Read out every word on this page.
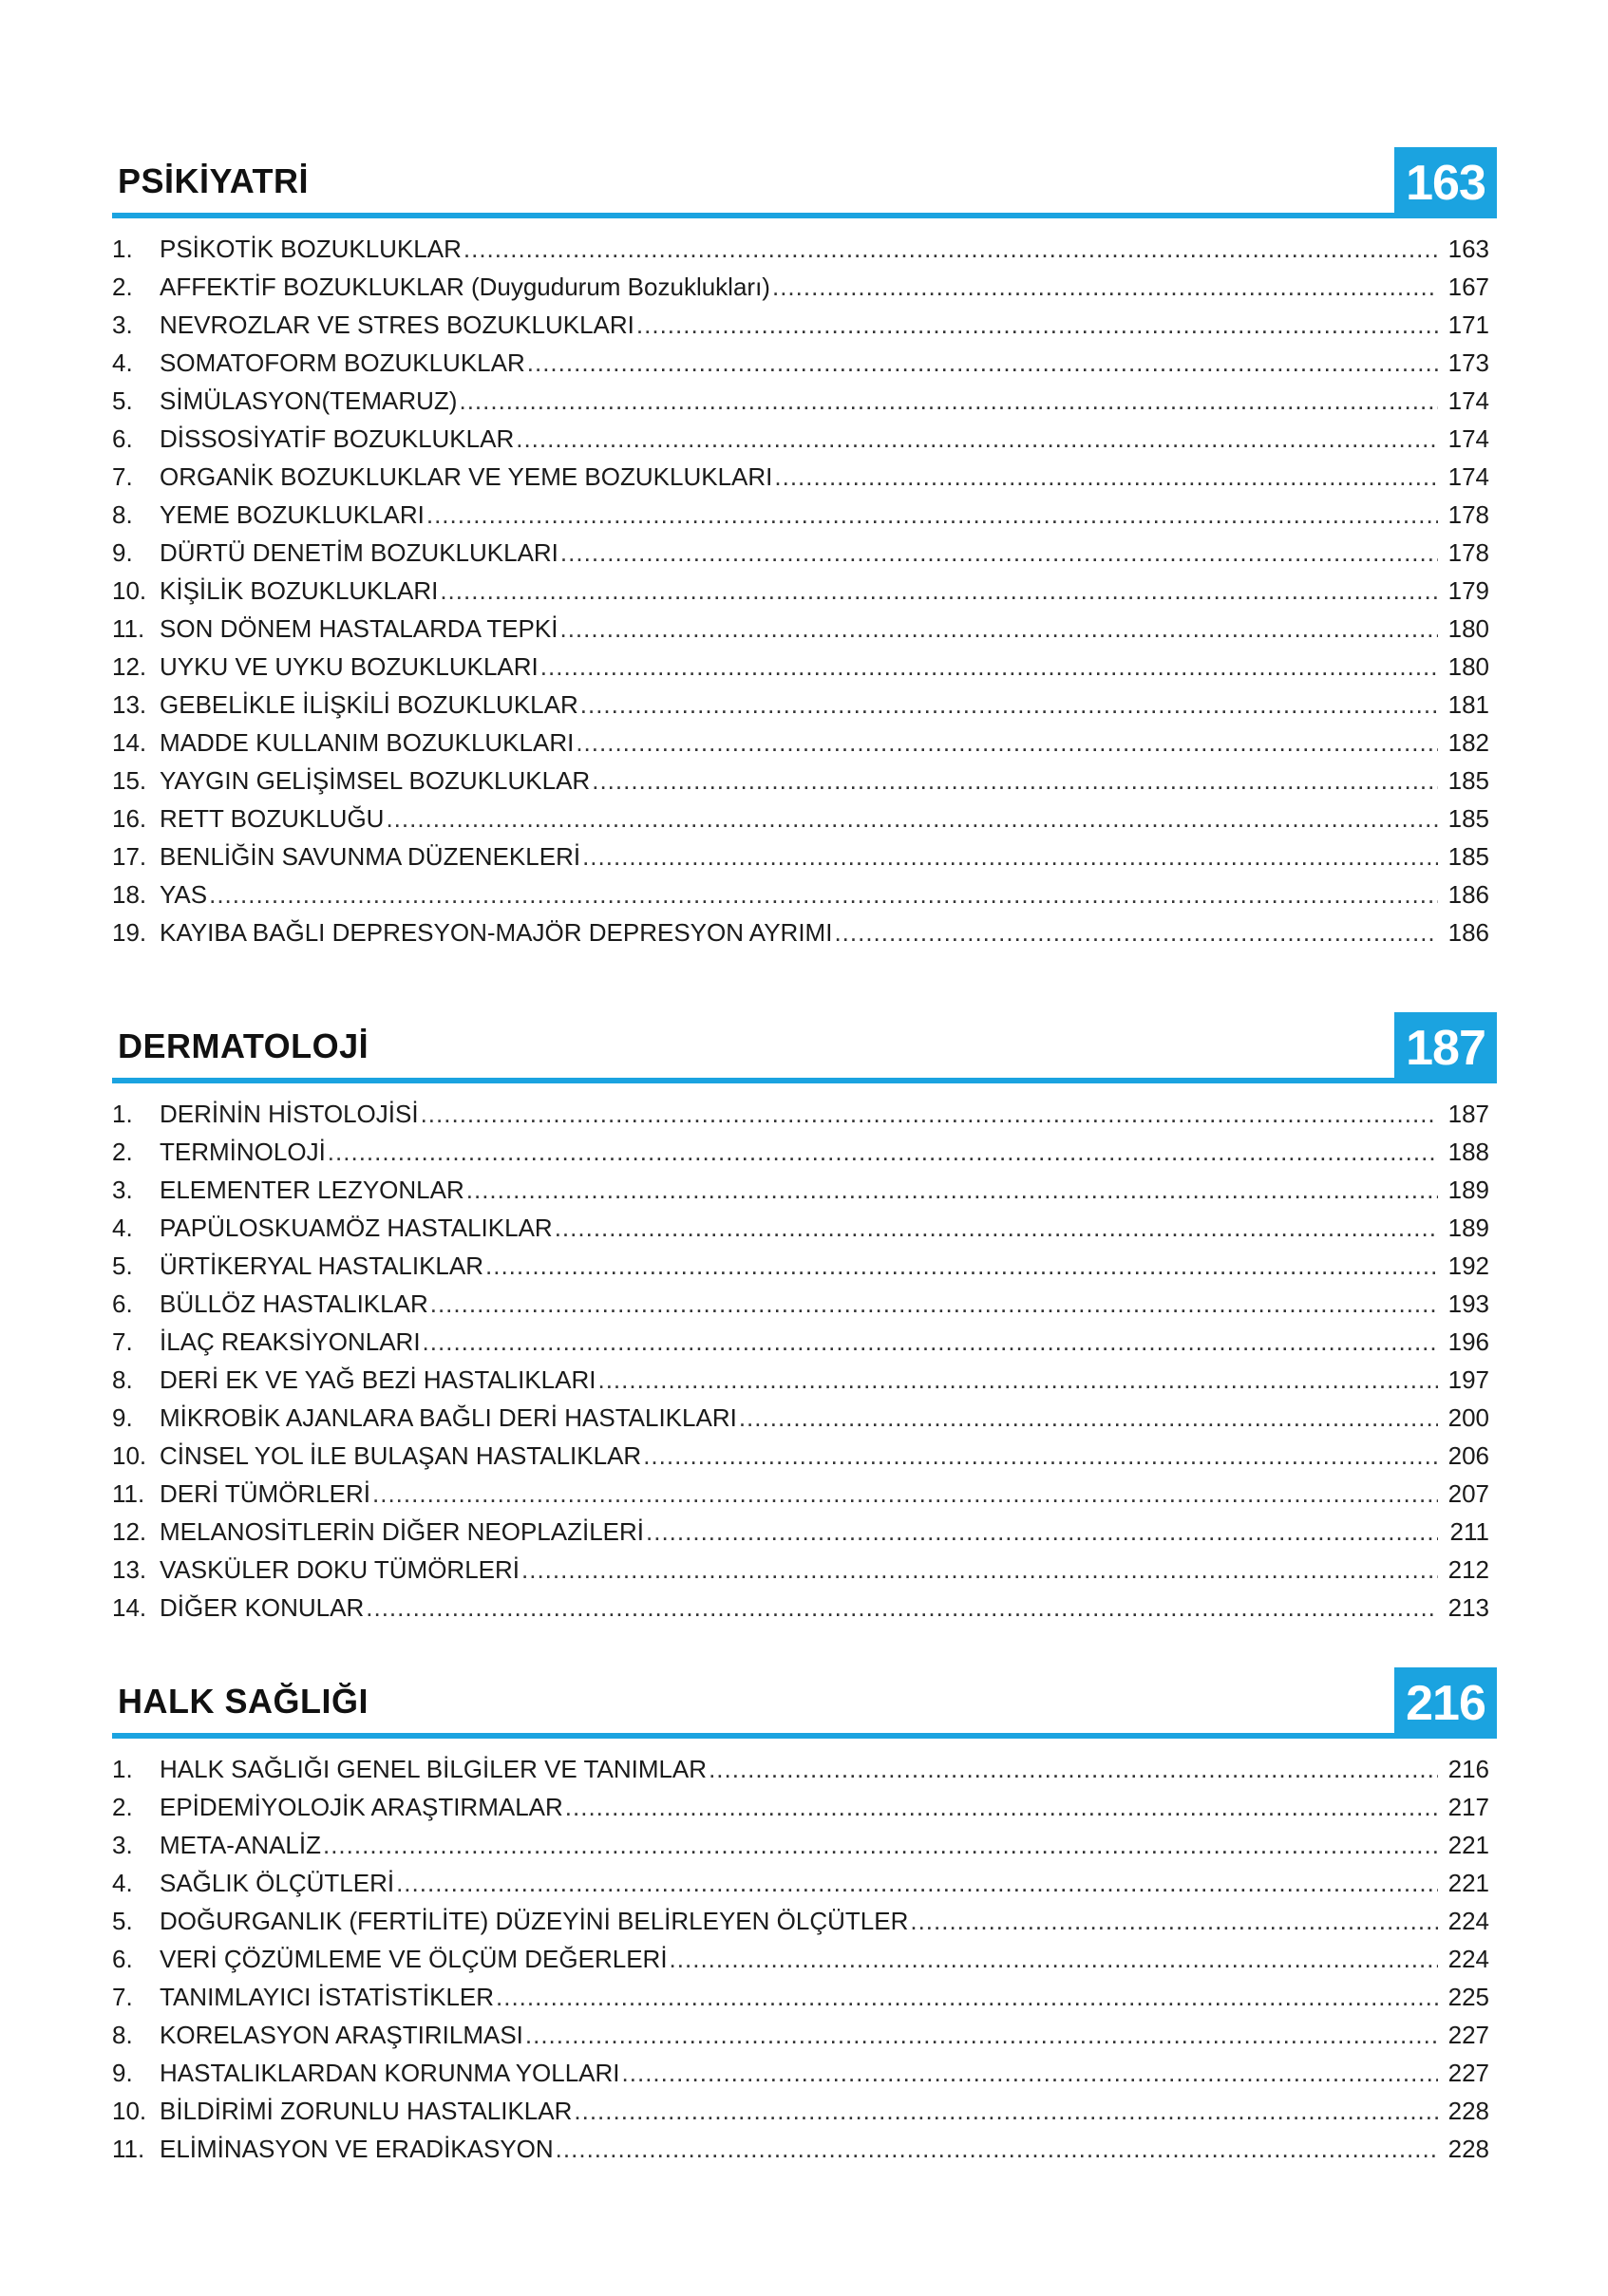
PSİKİYATRİ	163
1.	PSİKOTİK BOZUKLUKLAR .....	163
2.	AFFEKTİF BOZUKLUKLAR (Duygudurum Bozuklukları) .....	167
3.	NEVROZLAR VE STRES BOZUKLUKLARI .....	171
4.	SOMATOFORM BOZUKLUKLAR .....	173
5.	SİMÜLASYON(TEMARUZ) .....	174
6.	DİSSOSİYATİF BOZUKLUKLAR .....	174
7.	ORGANİK BOZUKLUKLAR VE YEME BOZUKLUKLARI .....	174
8.	YEME BOZUKLUKLARI .....	178
9.	DÜRTÜ DENETİM BOZUKLUKLARI .....	178
10. KİŞİLİK BOZUKLUKLARI .....	179
11. SON DÖNEM HASTALARDA TEPKİ .....	180
12. UYKU VE UYKU BOZUKLUKLARI .....	180
13. GEBELİKLE İLİŞKİLİ BOZUKLUKLAR .....	181
14. MADDE KULLANIM BOZUKLUKLARI .....	182
15. YAYGIN GELİŞİMSEL BOZUKLUKLAR .....	185
16. RETT BOZUKLUĞU .....	185
17. BENLİĞİN SAVUNMA DÜZENEKLERİ .....	185
18. YAS .....	186
19. KAYIBA BAĞLI DEPRESYON-MAJÖR DEPRESYON AYRIMI .....	186
DERMATOLOJİ	187
1.	DERİNİN HİSTOLOJİSİ .....	187
2.	TERMİNOLOJİ .....	188
3.	ELEMENTER LEZYONLAR .....	189
4.	PAPÜLOSKUAMÖZ HASTALIKLAR .....	189
5.	ÜRTİKERYAL HASTALIKLAR .....	192
6.	BÜLLÖZ HASTALIKLAR .....	193
7.	İLAÇ REAKSİYONLARI .....	196
8.	DERİ EK VE YAĞ BEZİ HASTALIKLARI .....	197
9.	MİKROBİK AJANLARA BAĞLI DERİ HASTALIKLARI .....	200
10. CİNSEL YOL İLE BULAŞAN HASTALIKLAR .....	206
11. DERİ TÜMÖRLERİ .....	207
12. MELANOSİTLERİN DİĞER NEOPLAZİLERİ .....	211
13. VASKÜLER DOKU TÜMÖRLERİ .....	212
14. DİĞER KONULAR .....	213
HALK SAĞLIĞI	216
1.	HALK SAĞLIĞI GENEL BİLGİLER VE TANIMLAR .....	216
2.	EPİDEMİYOLOJİK ARAŞTIRMALAR .....	217
3.	META-ANALİZ .....	221
4.	SAĞLIK ÖLÇÜTLERİ .....	221
5.	DOĞURGANLIK (FERTİLİTE) DÜZEYİNİ BELİRLEYEN ÖLÇÜTLER .....	224
6.	VERİ ÇÖZÜMLEME VE ÖLÇÜM DEĞERLERİ .....	224
7.	TANIMLAYICI İSTATİSTİKLER .....	225
8.	KORELASYON ARAŞTIRILMASI .....	227
9.	HASTALIKLARDAN KORUNMA YOLLARI .....	227
10. BİLDİRİMİ ZORUNLU HASTALIKLAR .....	228
11. ELİMİNASYON VE ERADİKASYON .....	228
